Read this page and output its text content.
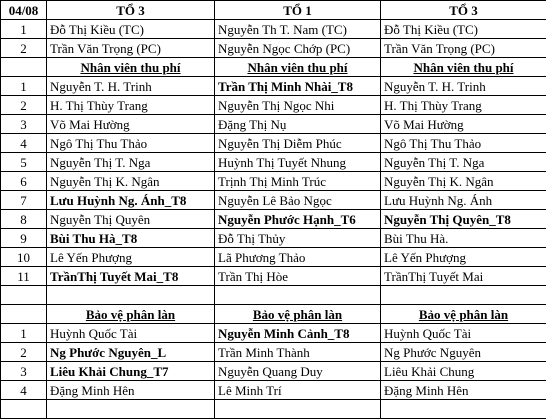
04/08	TỔ 3	TỔ 1	TỔ 3
1	Đỗ Thị Kiều (TC)	Nguyễn Th T. Nam (TC)	Đỗ Thị Kiều (TC)
2	Trần Văn Trọng (PC)	Nguyễn Ngọc Chớp (PC)	Trần Văn Trọng (PC)
	Nhân viên thu phí	Nhân viên thu phí	Nhân viên thu phí
1	Nguyễn T. H. Trinh	Trần Thị Minh Nhài_T8	Nguyễn T. H. Trinh
2	H. Thị Thùy Trang	Nguyễn Thị Ngọc Nhi	H. Thị Thùy Trang
3	Võ Mai Hường	Đặng Thị Nụ	Võ Mai Hường
4	Ngô Thị Thu Thảo	Nguyễn Thị Diễm Phúc	Ngô Thị Thu Thảo
5	Nguyễn Thị T. Nga	Huỳnh Thị Tuyết Nhung	Nguyễn Thị T. Nga
6	Nguyễn Thị K. Ngân	Trịnh Thị Minh Trúc	Nguyễn Thị K. Ngân
7	Lưu Huỳnh Ng. Ánh_T8	Nguyễn Lê Bảo Ngọc	Lưu Huỳnh Ng. Ánh
8	Nguyễn Thị Quyên	Nguyễn Phước Hạnh_T6	Nguyễn Thị Quyên_T8
9	Bùi Thu Hà_T8	Đỗ Thị Thủy	Bùi Thu Hà.
10	Lê Yến Phượng	Lã Phương Thảo	Lê Yến Phượng
11	TrầnThị Tuyết Mai_T8	Trần Thị Hòe	TrầnThị Tuyết Mai

	Bảo vệ phân làn	Bảo vệ phân làn	Bảo vệ phân làn
1	Huỳnh Quốc Tài	Nguyễn Minh Cảnh_T8	Huỳnh Quốc Tài
2	Ng Phước Nguyên_L	Trần Minh Thành	Ng Phước Nguyên
3	Liêu Khải Chung_T7	Nguyễn Quang Duy	Liêu Khải Chung
4	Đặng Minh Hên	Lê Minh Trí	Đặng Minh Hên
